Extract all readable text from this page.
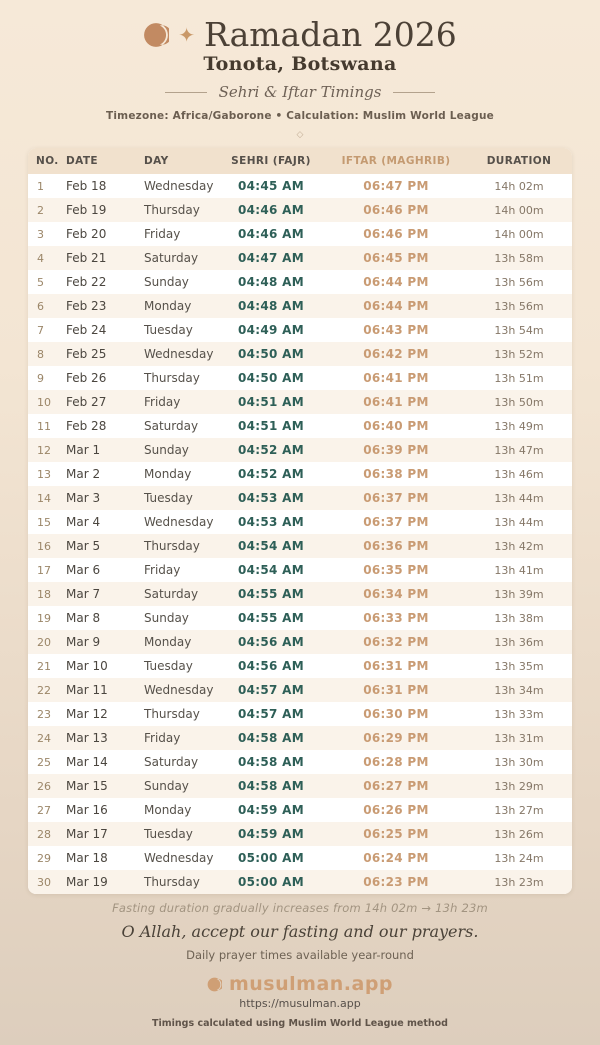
✦ Ramadan 2026
Tonota, Botswana
Sehri & Iftar Timings
Timezone: Africa/Gaborone • Calculation: Muslim World League
◇
NO.	DATE	DAY	SEHRI (FAJR)	IFTAR (MAGHRIB)	DURATION
1	Feb 18	Wednesday	04:45 AM	06:47 PM	14h 02m
2	Feb 19	Thursday	04:46 AM	06:46 PM	14h 00m
3	Feb 20	Friday	04:46 AM	06:46 PM	14h 00m
4	Feb 21	Saturday	04:47 AM	06:45 PM	13h 58m
5	Feb 22	Sunday	04:48 AM	06:44 PM	13h 56m
6	Feb 23	Monday	04:48 AM	06:44 PM	13h 56m
7	Feb 24	Tuesday	04:49 AM	06:43 PM	13h 54m
8	Feb 25	Wednesday	04:50 AM	06:42 PM	13h 52m
9	Feb 26	Thursday	04:50 AM	06:41 PM	13h 51m
10	Feb 27	Friday	04:51 AM	06:41 PM	13h 50m
11	Feb 28	Saturday	04:51 AM	06:40 PM	13h 49m
12	Mar 1	Sunday	04:52 AM	06:39 PM	13h 47m
13	Mar 2	Monday	04:52 AM	06:38 PM	13h 46m
14	Mar 3	Tuesday	04:53 AM	06:37 PM	13h 44m
15	Mar 4	Wednesday	04:53 AM	06:37 PM	13h 44m
16	Mar 5	Thursday	04:54 AM	06:36 PM	13h 42m
17	Mar 6	Friday	04:54 AM	06:35 PM	13h 41m
18	Mar 7	Saturday	04:55 AM	06:34 PM	13h 39m
19	Mar 8	Sunday	04:55 AM	06:33 PM	13h 38m
20	Mar 9	Monday	04:56 AM	06:32 PM	13h 36m
21	Mar 10	Tuesday	04:56 AM	06:31 PM	13h 35m
22	Mar 11	Wednesday	04:57 AM	06:31 PM	13h 34m
23	Mar 12	Thursday	04:57 AM	06:30 PM	13h 33m
24	Mar 13	Friday	04:58 AM	06:29 PM	13h 31m
25	Mar 14	Saturday	04:58 AM	06:28 PM	13h 30m
26	Mar 15	Sunday	04:58 AM	06:27 PM	13h 29m
27	Mar 16	Monday	04:59 AM	06:26 PM	13h 27m
28	Mar 17	Tuesday	04:59 AM	06:25 PM	13h 26m
29	Mar 18	Wednesday	05:00 AM	06:24 PM	13h 24m
30	Mar 19	Thursday	05:00 AM	06:23 PM	13h 23m
Fasting duration gradually increases from 14h 02m → 13h 23m
O Allah, accept our fasting and our prayers.
Daily prayer times available year-round
musulman.app
https://musulman.app
Timings calculated using Muslim World League method
